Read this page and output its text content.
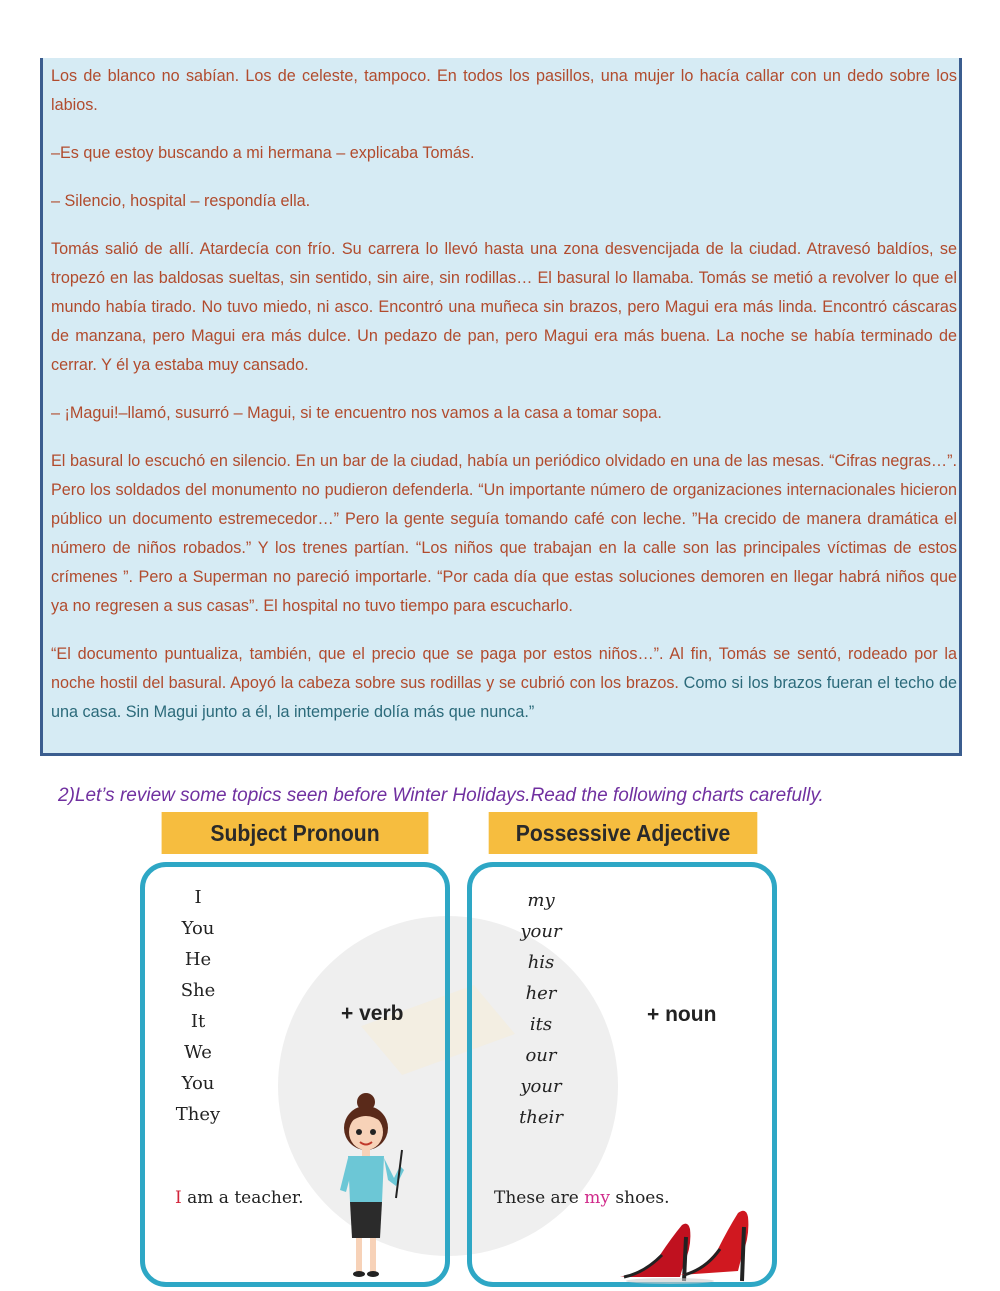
Los de blanco no sabían. Los de celeste, tampoco. En todos los pasillos, una mujer lo hacía callar con un dedo sobre los labios.

–Es que estoy buscando a mi hermana – explicaba Tomás.

– Silencio, hospital – respondía ella.

Tomás salió de allí. Atardecía con frío. Su carrera lo llevó hasta una zona desvencijada de la ciudad. Atravesó baldíos, se tropezó en las baldosas sueltas, sin sentido, sin aire, sin rodillas… El basural lo llamaba. Tomás se metió a revolver lo que el mundo había tirado. No tuvo miedo, ni asco. Encontró una muñeca sin brazos, pero Magui era más linda. Encontró cáscaras de manzana, pero Magui era más dulce. Un pedazo de pan, pero Magui era más buena. La noche se había terminado de cerrar. Y él ya estaba muy cansado.

– ¡Magui!–llamó, susurró – Magui, si te encuentro nos vamos a la casa a tomar sopa.

El basural lo escuchó en silencio. En un bar de la ciudad, había un periódico olvidado en una de las mesas. “Cifras negras…”. Pero los soldados del monumento no pudieron defenderla. “Un importante número de organizaciones internacionales hicieron público un documento estremecedor…” Pero la gente seguía tomando café con leche. ”Ha crecido de manera dramática el número de niños robados.” Y los trenes partían. “Los niños que trabajan en la calle son las principales víctimas de estos crímenes ”. Pero a Superman no pareció importarle. “Por cada día que estas soluciones demoren en llegar habrá niños que ya no regresen a sus casas”. El hospital no tuvo tiempo para escucharlo.

“El documento puntualiza, también, que el precio que se paga por estos niños…”. Al fin, Tomás se sentó, rodeado por la noche hostil del basural. Apoyó la cabeza sobre sus rodillas y se cubrió con los brazos. Como si los brazos fueran el techo de una casa. Sin Magui junto a él, la intemperie dolía más que nunca.”

2)Let’s review some topics seen before Winter Holidays.Read the following charts carefully.
Subject Pronoun	Possessive Adjective
I
You
He
She
It
We
You
They
my
your
his
her
its
our
your
their
+ verb	+ noun
I am a teacher.	These are my shoes.
